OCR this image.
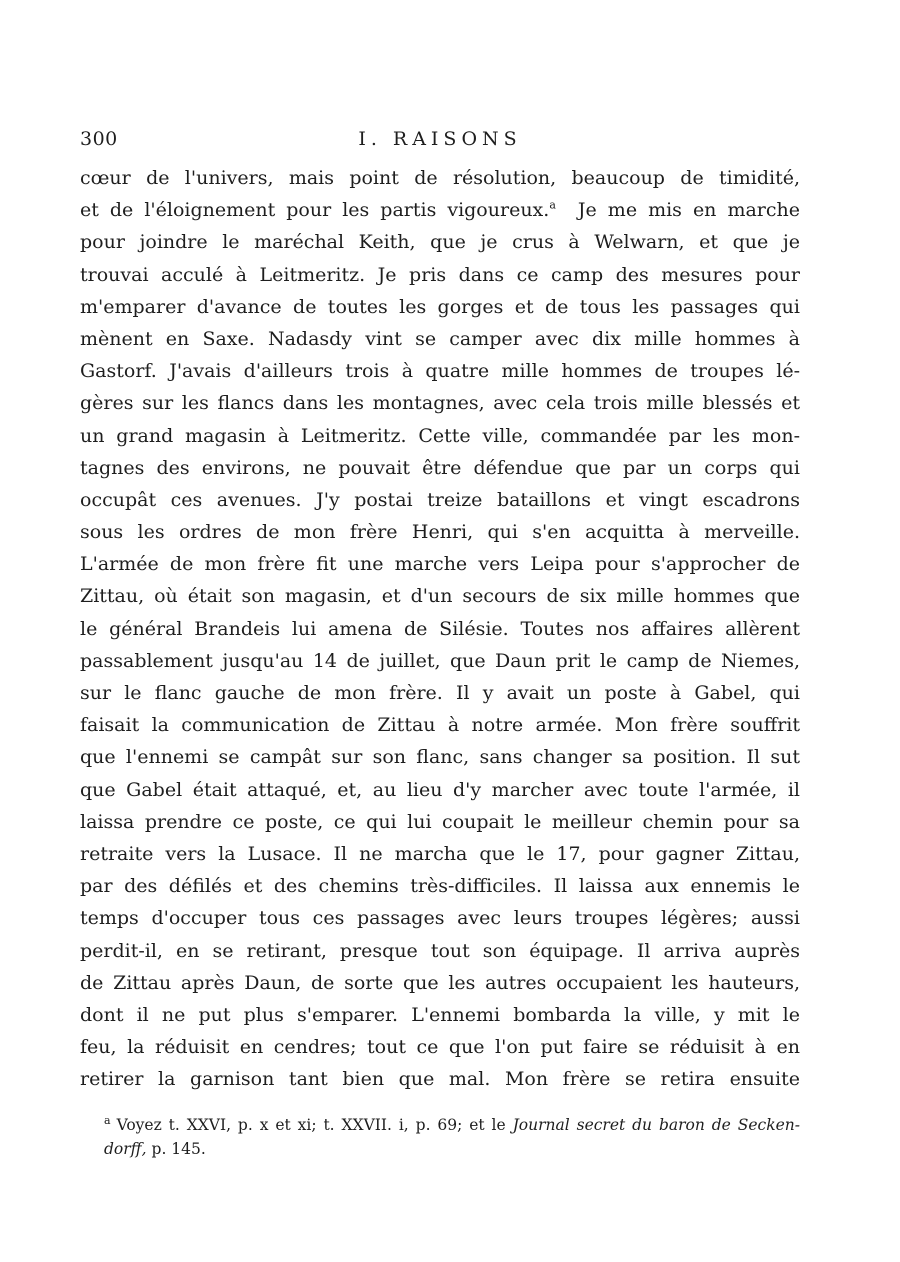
300	I. RAISONS
cœur de l'univers, mais point de résolution, beaucoup de timidité,
et de l'éloignement pour les partis vigoureux.$^a$ Je me mis en marche
pour joindre le maréchal Keith, que je crus à Welwarn, et que je
trouvai acculé à Leitmeritz. Je pris dans ce camp des mesures pour
m'emparer d'avance de toutes les gorges et de tous les passages qui
mènent en Saxe. Nadasdy vint se camper avec dix mille hommes à
Gastorf. J'avais d'ailleurs trois à quatre mille hommes de troupes lé-
gères sur les flancs dans les montagnes, avec cela trois mille blessés et
un grand magasin à Leitmeritz. Cette ville, commandée par les mon-
tagnes des environs, ne pouvait être défendue que par un corps qui
occupât ces avenues. J'y postai treize bataillons et vingt escadrons
sous les ordres de mon frère Henri, qui s'en acquitta à merveille.
L'armée de mon frère fit une marche vers Leipa pour s'approcher de
Zittau, où était son magasin, et d'un secours de six mille hommes que
le général Brandeis lui amena de Silésie. Toutes nos affaires allèrent
passablement jusqu'au 14 de juillet, que Daun prit le camp de Niemes,
sur le flanc gauche de mon frère. Il y avait un poste à Gabel, qui
faisait la communication de Zittau à notre armée. Mon frère souffrit
que l'ennemi se campât sur son flanc, sans changer sa position. Il sut
que Gabel était attaqué, et, au lieu d'y marcher avec toute l'armée, il
laissa prendre ce poste, ce qui lui coupait le meilleur chemin pour sa
retraite vers la Lusace. Il ne marcha que le 17, pour gagner Zittau,
par des défilés et des chemins très-difficiles. Il laissa aux ennemis le
temps d'occuper tous ces passages avec leurs troupes légères; aussi
perdit-il, en se retirant, presque tout son équipage. Il arriva auprès
de Zittau après Daun, de sorte que les autres occupaient les hauteurs,
dont il ne put plus s'emparer. L'ennemi bombarda la ville, y mit le
feu, la réduisit en cendres; tout ce que l'on put faire se réduisit à en
retirer la garnison tant bien que mal. Mon frère se retira ensuite
$^a$ Voyez t. XXVI, p. x et xi; t. XXVII. i, p. 69; et le Journal secret du baron de Secken-
dorff, p. 145.
